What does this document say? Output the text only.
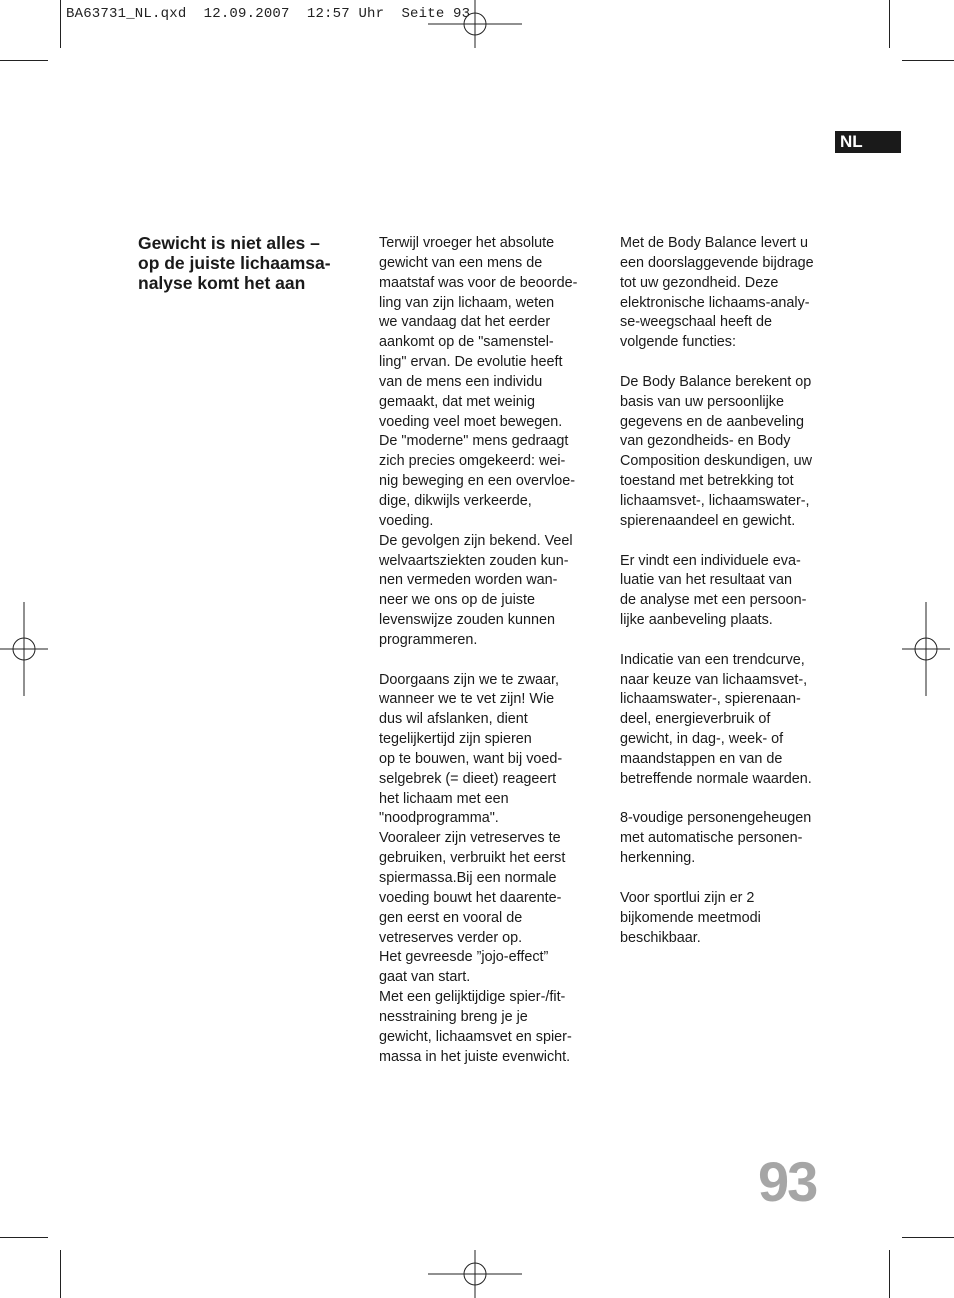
BA63731_NL.qxd  12.09.2007  12:57 Uhr  Seite 93
NL
Gewicht is niet alles –
op de juiste lichaamsa-
nalyse komt het aan
Terwijl vroeger het absolute
gewicht van een mens de
maatstaf was voor de beoorde-
ling van zijn lichaam, weten
we vandaag dat het eerder
aankomt op de "samenstel-
ling" ervan. De evolutie heeft
van de mens een individu
gemaakt, dat met weinig
voeding veel moet bewegen.
De "moderne" mens gedraagt
zich precies omgekeerd: wei-
nig beweging en een overvloe-
dige, dikwijls verkeerde,
voeding.
De gevolgen zijn bekend. Veel
welvaartsziekten zouden kun-
nen vermeden worden wan-
neer we ons op de juiste
levenswijze zouden kunnen
programmeren.
Doorgaans zijn we te zwaar,
wanneer we te vet zijn! Wie
dus wil afslanken, dient
tegelijkertijd zijn spieren
op te bouwen, want bij voed-
selgebrek (= dieet) reageert
het lichaam met een
"noodprogramma".
Vooraleer zijn vetreserves te
gebruiken, verbruikt het eerst
spiermassa.Bij een normale
voeding bouwt het daarente-
gen eerst en vooral de
vetreserves verder op.
Het gevreesde ”jojo-effect”
gaat van start.
Met een gelijktijdige spier-/fit-
nesstraining breng je je
gewicht, lichaamsvet en spier-
massa in het juiste evenwicht.
Met de Body Balance levert u
een doorslaggevende bijdrage
tot uw gezondheid. Deze
elektronische lichaams-analy-
se-weegschaal heeft de
volgende functies:
De Body Balance berekent op
basis van uw persoonlijke
gegevens en de aanbeveling
van gezondheids- en Body
Composition deskundigen, uw
toestand met betrekking tot
lichaamsvet-, lichaamswater-,
spierenaandeel en gewicht.
Er vindt een individuele eva-
luatie van het resultaat van
de analyse met een persoon-
lijke aanbeveling plaats.
Indicatie van een trendcurve,
naar keuze van lichaamsvet-,
lichaamswater-, spierenaan-
deel, energieverbruik of
gewicht, in dag-, week- of
maandstappen en van de
betreffende normale waarden.
8-voudige personengeheugen
met automatische personen-
herkenning.
Voor sportlui zijn er 2
bijkomende meetmodi
beschikbaar.
93
